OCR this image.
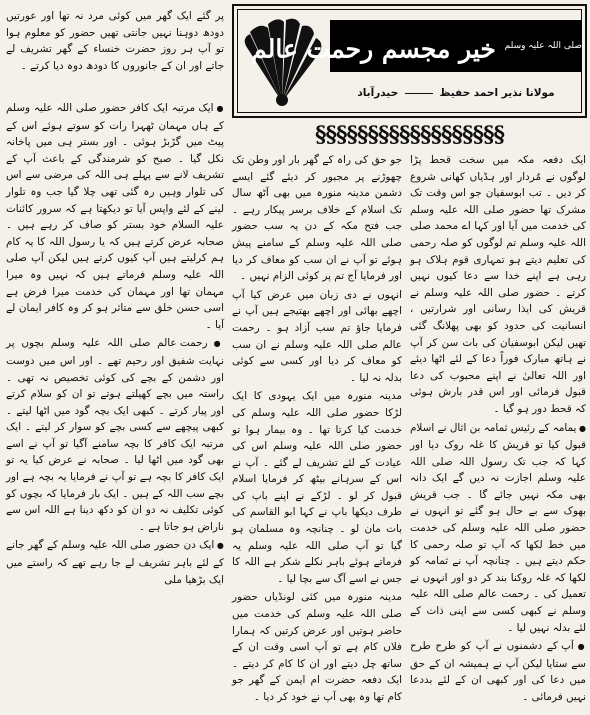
$^{صلی اللہ علیہ وسلم}$ خیر مجسم رحمت عالم
مولانا نذیر احمد حفیظ  حیدرآباد
§§§§§§§§§§§§§§§§§§

پر گئے ایک گھر میں کوئی مرد نہ تھا اور عورتیں دودھ دوہنا نہیں جانتی تھیں حضور کو معلوم ہوا تو آپ ہر روز حضرت خنساء کے گھر تشریف لے جاتے اور ان کے جانوروں کا دودھ دوہ دیا کرتے ۔

● ایک مرتبہ ایک کافر حضور صلی اللہ علیہ وسلم کے ہاں مہمان ٹھہرا رات کو سوتے ہوئے اس کے پیٹ میں گڑبڑ ہوئی ۔ اور بستر ہی میں پاخانہ نکل گیا ۔ صبح کو شرمندگی کے باعث آپ کے تشریف لانے سے پہلے ہی اللہ کی مرضی سے اس کی تلوار وہیں رہ گئی تھی چلا گیا جب وہ تلوار لینے کے لئے واپس آیا تو دیکھتا ہے کہ سرور کائنات علیہ السلام خود بستر کو صاف کر رہے ہیں ۔ صحابہ عرض کرتے ہیں کہ یا رسول اللہ کا یہ کام ہم کرلیتے ہیں آپ کیوں کرتے ہیں لیکن آپ صلی اللہ علیہ وسلم فرماتے ہیں کہ نہیں وہ میرا مہمان تھا اور مہمان کی خدمت میرا فرض ہے اسی حسن خلق سے متاثر ہو کر وہ کافر ایمان لے آیا ۔

● رحمت عالم صلی اللہ علیہ وسلم بچوں پر نہایت شفیق اور رحیم تھے ۔ اور اس میں دوست اور دشمن کے بچے کی کوئی تخصیص نہ تھی ۔ راستہ میں بچے کھیلتے ہوتے تو ان کو سلام کرتے اور پیار کرتے ۔ کبھی ایک بچہ گود میں اٹھا لیتے ۔ کبھی پیچھے سے کسی بچے کو سوار کر لیتے ۔ ایک مرتبہ ایک کافر کا بچہ سامنے آگیا تو آپ نے اسے بھی گود میں اٹھا لیا ۔ صحابہ نے عرض کیا یہ تو ایک کافر کا بچہ ہے تو آپ نے فرمایا یہ بچہ ہے اور بچے سب اللہ کے ہیں ۔ ایک بار فرمایا کہ بچوں کو کوئی تکلیف نہ دو ان کو دکھ دینا ہے اللہ اس سے ناراض ہو جاتا ہے ۔

● ایک دن حضور صلی اللہ علیہ وسلم کے گھر جانے کے لئے باہر تشریف لے جا رہے تھے کہ راستے میں ایک بڑھیا ملی

جو حق کی راہ کے گھر بار اور وطن تک چھوڑنے پر مجبور کر دیئے گئے ایسے دشمن مدینہ منورہ میں بھی آٹھ سال تک اسلام کے خلاف برسر پیکار رہے ۔ جب فتح مکہ کے دن یہ سب حضور صلی اللہ علیہ وسلم کے سامنے پیش ہوئے تو آپ نے ان سب کو معاف کر دیا اور فرمایا آج تم پر کوئی الزام نہیں ۔

انہوں نے دی زبان میں عرض کیا آپ اچھے بھائی اور اچھے بھتیجے ہیں آپ نے فرمایا جاؤ تم سب آزاد ہو ۔ رحمت عالم صلی اللہ علیہ وسلم نے ان سب کو معاف کر دیا اور کسی سے کوئی بدلہ نہ لیا ۔

مدینہ منورہ میں ایک یہودی کا ایک لڑکا حضور صلی اللہ علیہ وسلم کی خدمت کیا کرتا تھا ۔ وہ بیمار ہوا تو حضور صلی اللہ علیہ وسلم اس کی عیادت کے لئے تشریف لے گئے ۔ آپ نے اس کے سرہانے بیٹھ کر فرمایا اسلام قبول کر لو ۔ لڑکے نے اپنے باپ کی طرف دیکھا باپ نے کہا ابو القاسم کی بات مان لو ۔ چنانچہ وہ مسلمان ہو گیا تو آپ صلی اللہ علیہ وسلم یہ فرماتے ہوئے باہر نکلے شکر ہے اللہ کا جس نے اسے آگ سے بچا لیا ۔

مدینہ منورہ میں کئی لونڈیاں حضور صلی اللہ علیہ وسلم کی خدمت میں حاضر ہوتیں اور عرض کرتیں کہ ہمارا فلاں کام ہے تو آپ اسی وقت ان کے ساتھ چل دیتے اور ان کا کام کر دیتے ۔ ایک دفعہ حضرت ام ایمن کے گھر جو کام تھا وہ بھی آپ نے خود کر دیا ۔

ایک دفعہ مکہ میں سخت قحط پڑا لوگوں نے مُردار اور ہڈیاں کھانی شروع کر دیں ۔ تب ابوسفیان جو اس وقت تک مشرک تھا حضور صلی اللہ علیہ وسلم کی خدمت میں آیا اور کہا اے محمد صلی اللہ علیہ وسلم تم لوگوں کو صلہ رحمی کی تعلیم دیتے ہو تمہاری قوم ہلاک ہو رہی ہے اپنے خدا سے دعا کیوں نہیں کرتے ۔ حضور صلی اللہ علیہ وسلم نے قریش کی ایذا رسانی اور شرارتیں ، انسانیت کی حدود کو بھی پھلانگ گئی تھیں لیکن ابوسفیان کی بات سن کر آپ نے ہاتھ مبارک فوراً دعا کے لئے اٹھا دیئے اور اللہ تعالیٰ نے اپنے محبوب کی دعا قبول فرمائی اور اس قدر بارش ہوئی کہ قحط دور ہو گیا ۔

● یمامہ کے رئیس ثمامہ بن اثال نے اسلام قبول کیا تو قریش کا غلہ روک دیا اور کہا کہ جب تک رسول اللہ صلی اللہ علیہ وسلم اجازت نہ دیں گے ایک دانہ بھی مکہ نہیں جائے گا ۔ جب قریش بھوک سے بے حال ہو گئے تو انہوں نے حضور صلی اللہ علیہ وسلم کی خدمت میں خط لکھا کہ آپ تو صلہ رحمی کا حکم دیتے ہیں ۔ چنانچہ آپ نے ثمامہ کو لکھا کہ غلہ روکنا بند کر دو اور انہوں نے تعمیل کی ۔ رحمت عالم صلی اللہ علیہ وسلم نے کبھی کسی سے اپنی ذات کے لئے بدلہ نہیں لیا ۔

● آپ کے دشمنوں نے آپ کو طرح طرح سے ستایا لیکن آپ نے ہمیشہ ان کے حق میں دعا کی اور کبھی ان کے لئے بددعا نہیں فرمائی ۔
